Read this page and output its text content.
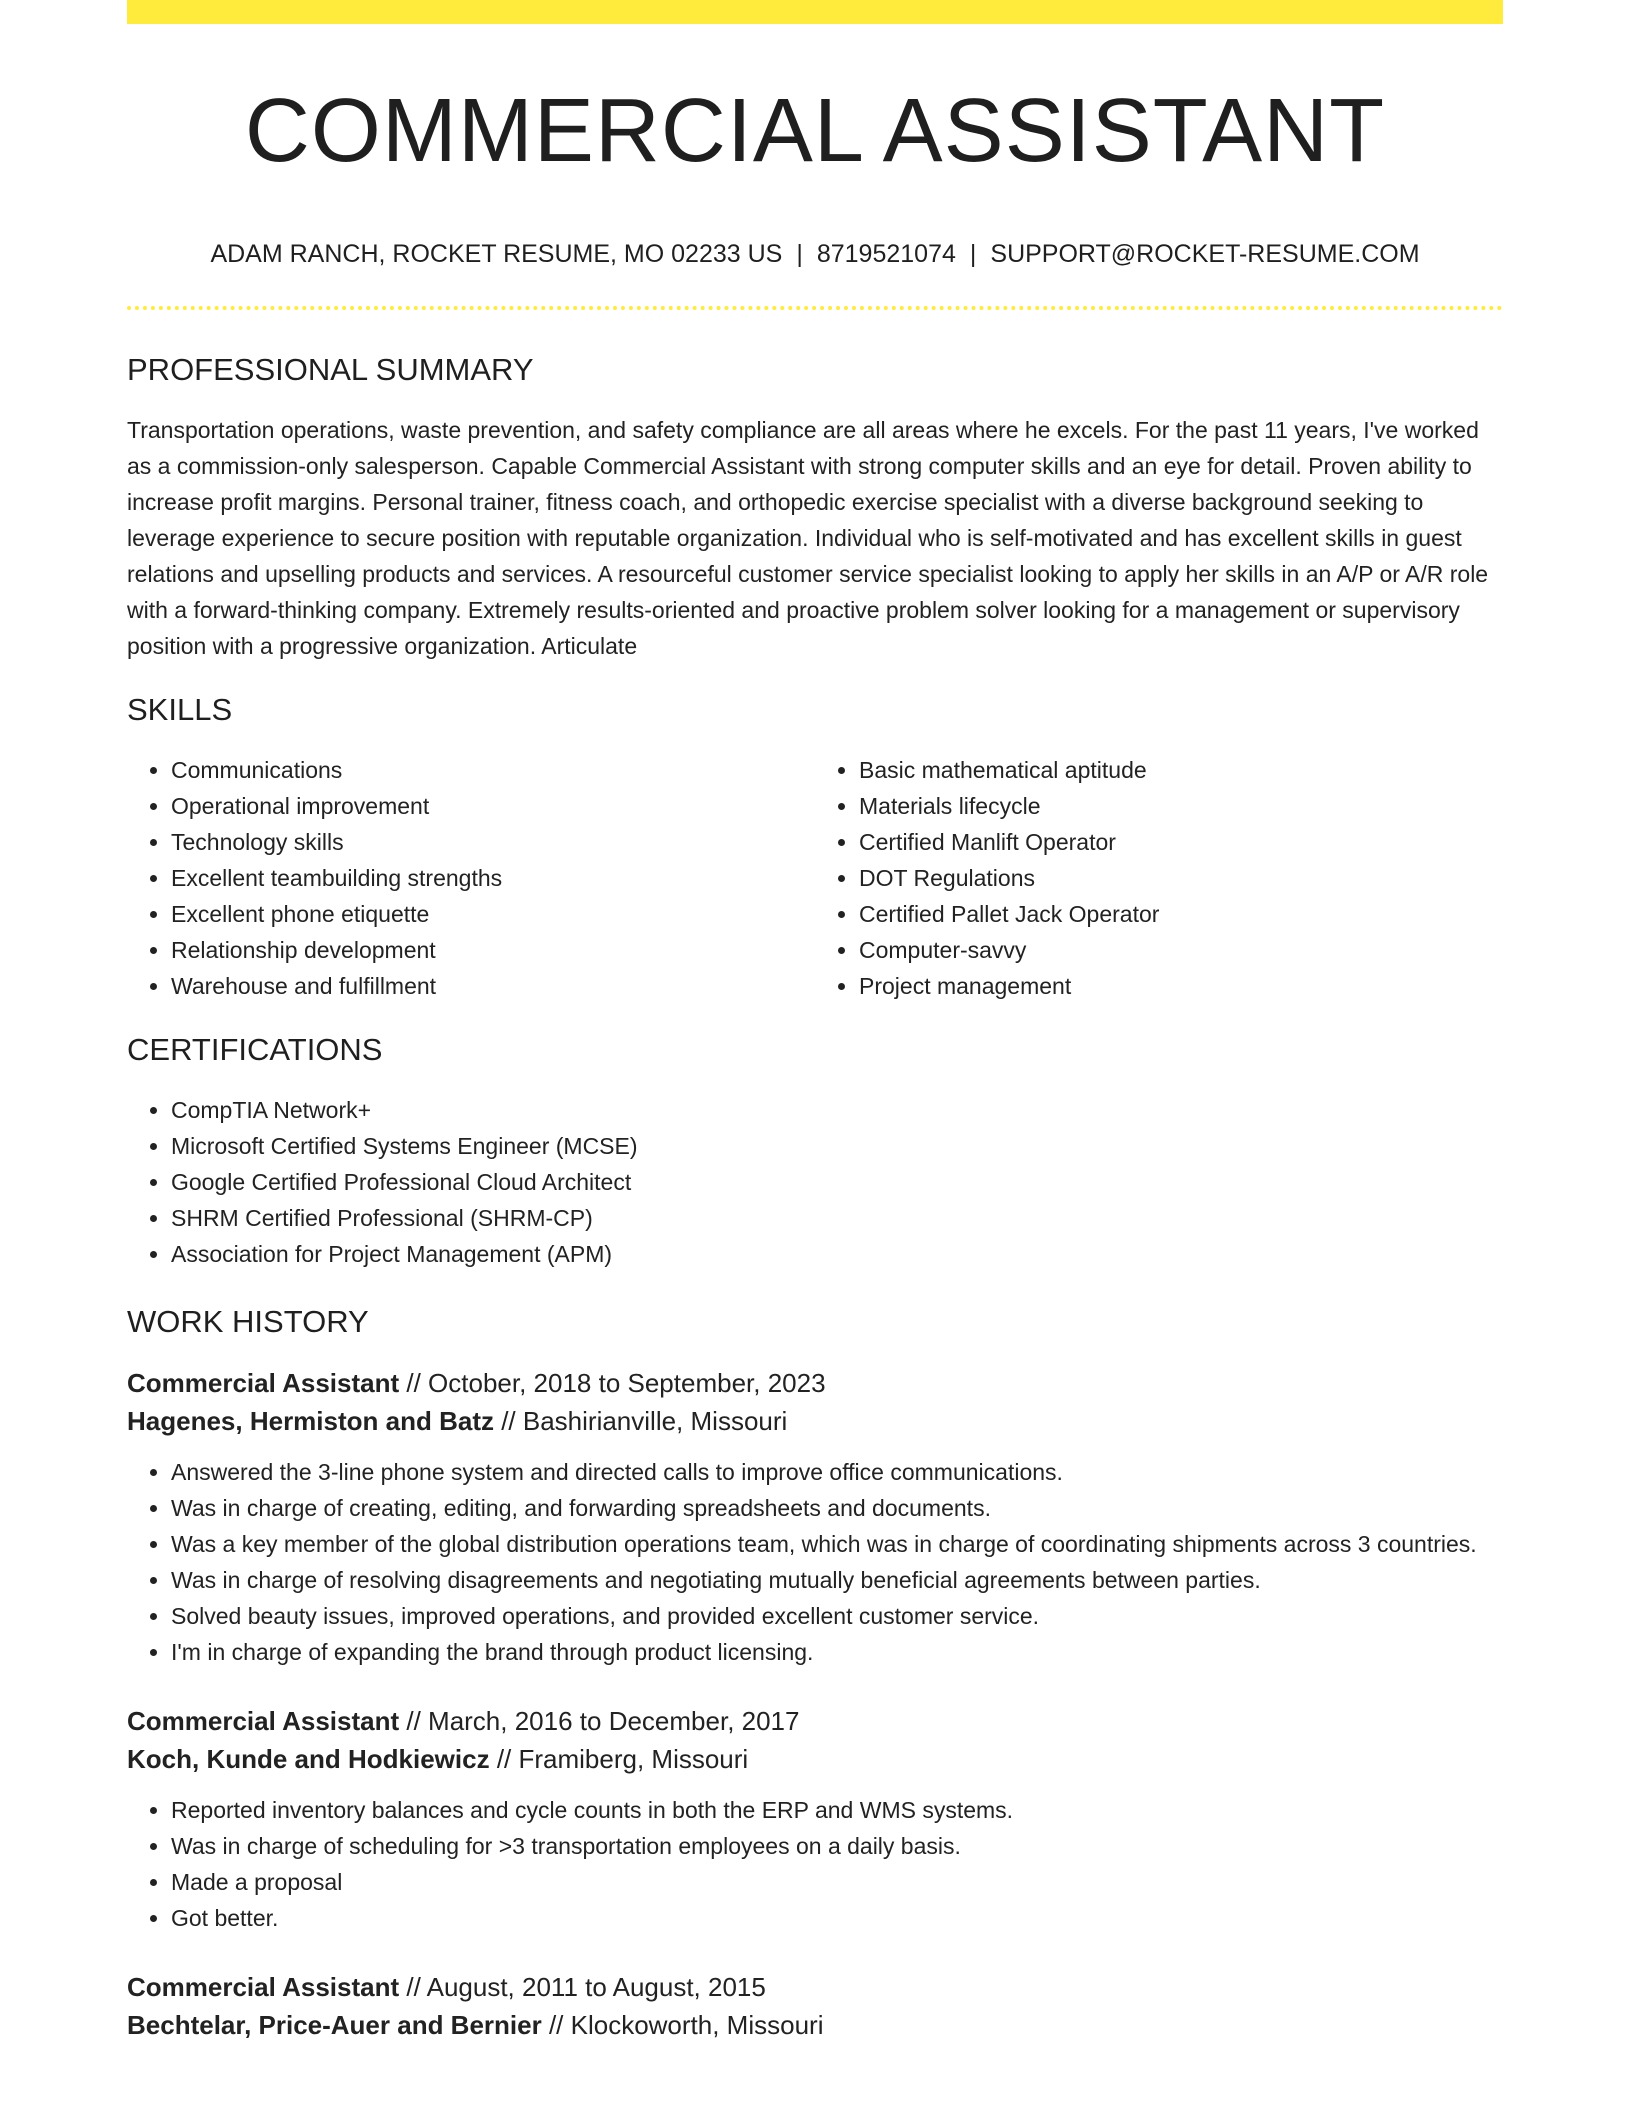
COMMERCIAL ASSISTANT
ADAM RANCH, ROCKET RESUME, MO 02233 US | 8719521074 | SUPPORT@ROCKET-RESUME.COM
PROFESSIONAL SUMMARY

Transportation operations, waste prevention, and safety compliance are all areas where he excels. For the past 11 years, I've worked as a commission-only salesperson. Capable Commercial Assistant with strong computer skills and an eye for detail. Proven ability to increase profit margins. Personal trainer, fitness coach, and orthopedic exercise specialist with a diverse background seeking to leverage experience to secure position with reputable organization. Individual who is self-motivated and has excellent skills in guest relations and upselling products and services. A resourceful customer service specialist looking to apply her skills in an A/P or A/R role with a forward-thinking company. Extremely results-oriented and proactive problem solver looking for a management or supervisory position with a progressive organization. Articulate

SKILLS
• Communications
• Operational improvement
• Technology skills
• Excellent teambuilding strengths
• Excellent phone etiquette
• Relationship development
• Warehouse and fulfillment
• Basic mathematical aptitude
• Materials lifecycle
• Certified Manlift Operator
• DOT Regulations
• Certified Pallet Jack Operator
• Computer-savvy
• Project management
CERTIFICATIONS
• CompTIA Network+
• Microsoft Certified Systems Engineer (MCSE)
• Google Certified Professional Cloud Architect
• SHRM Certified Professional (SHRM-CP)
• Association for Project Management (APM)
WORK HISTORY

Commercial Assistant // October, 2018 to September, 2023

Hagenes, Hermiston and Batz // Bashirianville, Missouri

• Answered the 3-line phone system and directed calls to improve office communications.
• Was in charge of creating, editing, and forwarding spreadsheets and documents.
• Was a key member of the global distribution operations team, which was in charge of coordinating shipments across 3 countries.
• Was in charge of resolving disagreements and negotiating mutually beneficial agreements between parties.
• Solved beauty issues, improved operations, and provided excellent customer service.
• I'm in charge of expanding the brand through product licensing.

Commercial Assistant // March, 2016 to December, 2017

Koch, Kunde and Hodkiewicz // Framiberg, Missouri

• Reported inventory balances and cycle counts in both the ERP and WMS systems.
• Was in charge of scheduling for >3 transportation employees on a daily basis.
• Made a proposal
• Got better.

Commercial Assistant // August, 2011 to August, 2015

Bechtelar, Price-Auer and Bernier // Klockoworth, Missouri
